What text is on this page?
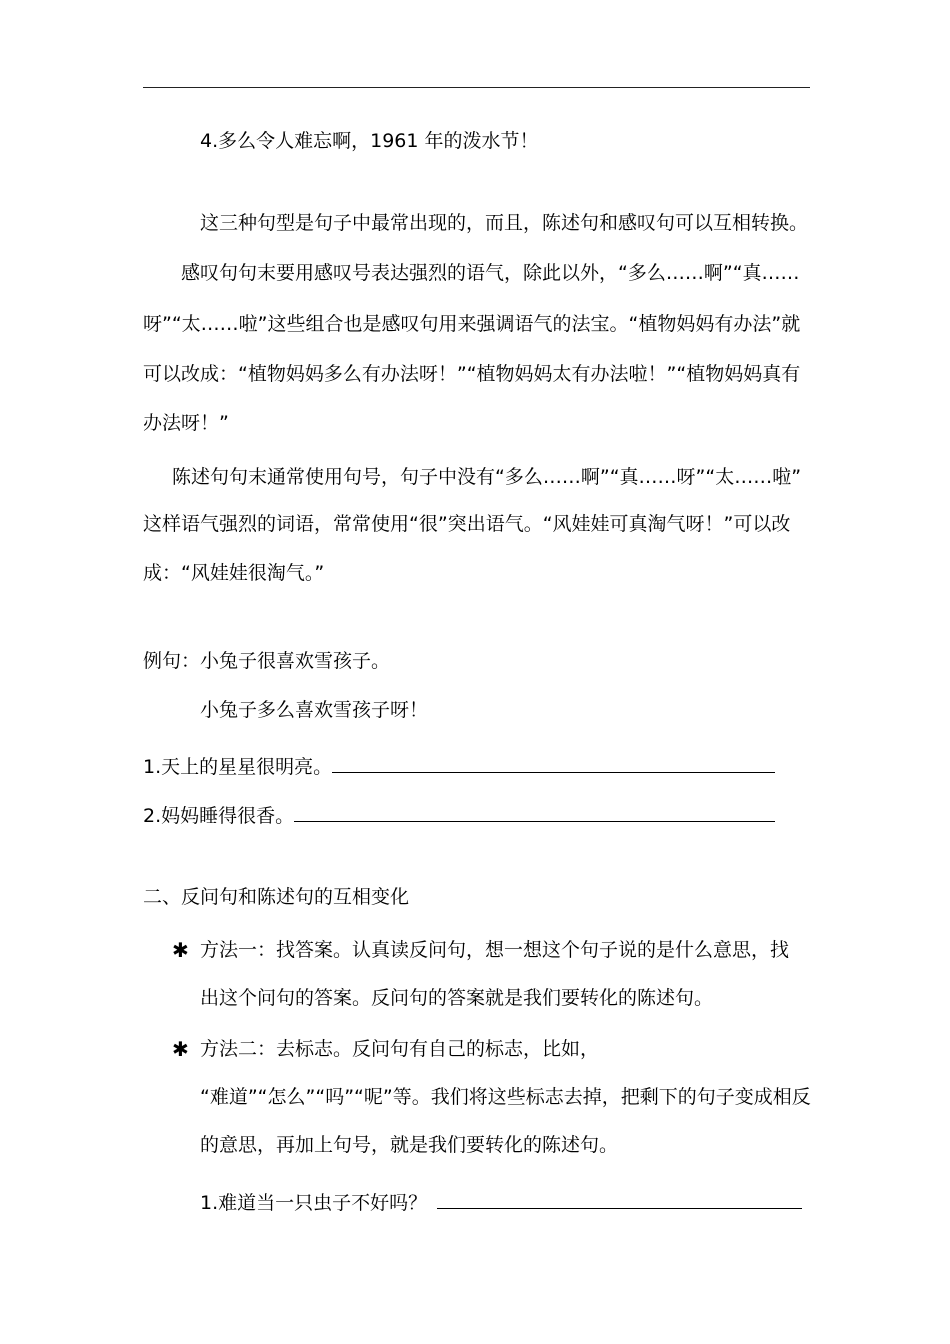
4.多么令人难忘啊，1961 年的泼水节！
这三种句型是句子中最常出现的，而且，陈述句和感叹句可以互相转换。
感叹句句末要用感叹号表达强烈的语气，除此以外，“多么……啊”“真……
呀”“太……啦”这些组合也是感叹句用来强调语气的法宝。“植物妈妈有办法”就
可以改成：“植物妈妈多么有办法呀！”“植物妈妈太有办法啦！”“植物妈妈真有
办法呀！”
陈述句句末通常使用句号，句子中没有“多么……啊”“真……呀”“太……啦”
这样语气强烈的词语，常常使用“很”突出语气。“风娃娃可真淘气呀！”可以改
成：“风娃娃很淘气。”
例句：小兔子很喜欢雪孩子。
小兔子多么喜欢雪孩子呀！
1.天上的星星很明亮。
2.妈妈睡得很香。
二、反问句和陈述句的互相变化
✱ 方法一：找答案。认真读反问句，想一想这个句子说的是什么意思，找
出这个问句的答案。反问句的答案就是我们要转化的陈述句。
✱ 方法二：去标志。反问句有自己的标志，比如，
“难道”“怎么”“吗”“呢”等。我们将这些标志去掉，把剩下的句子变成相反
的意思，再加上句号，就是我们要转化的陈述句。
1.难道当一只虫子不好吗？
